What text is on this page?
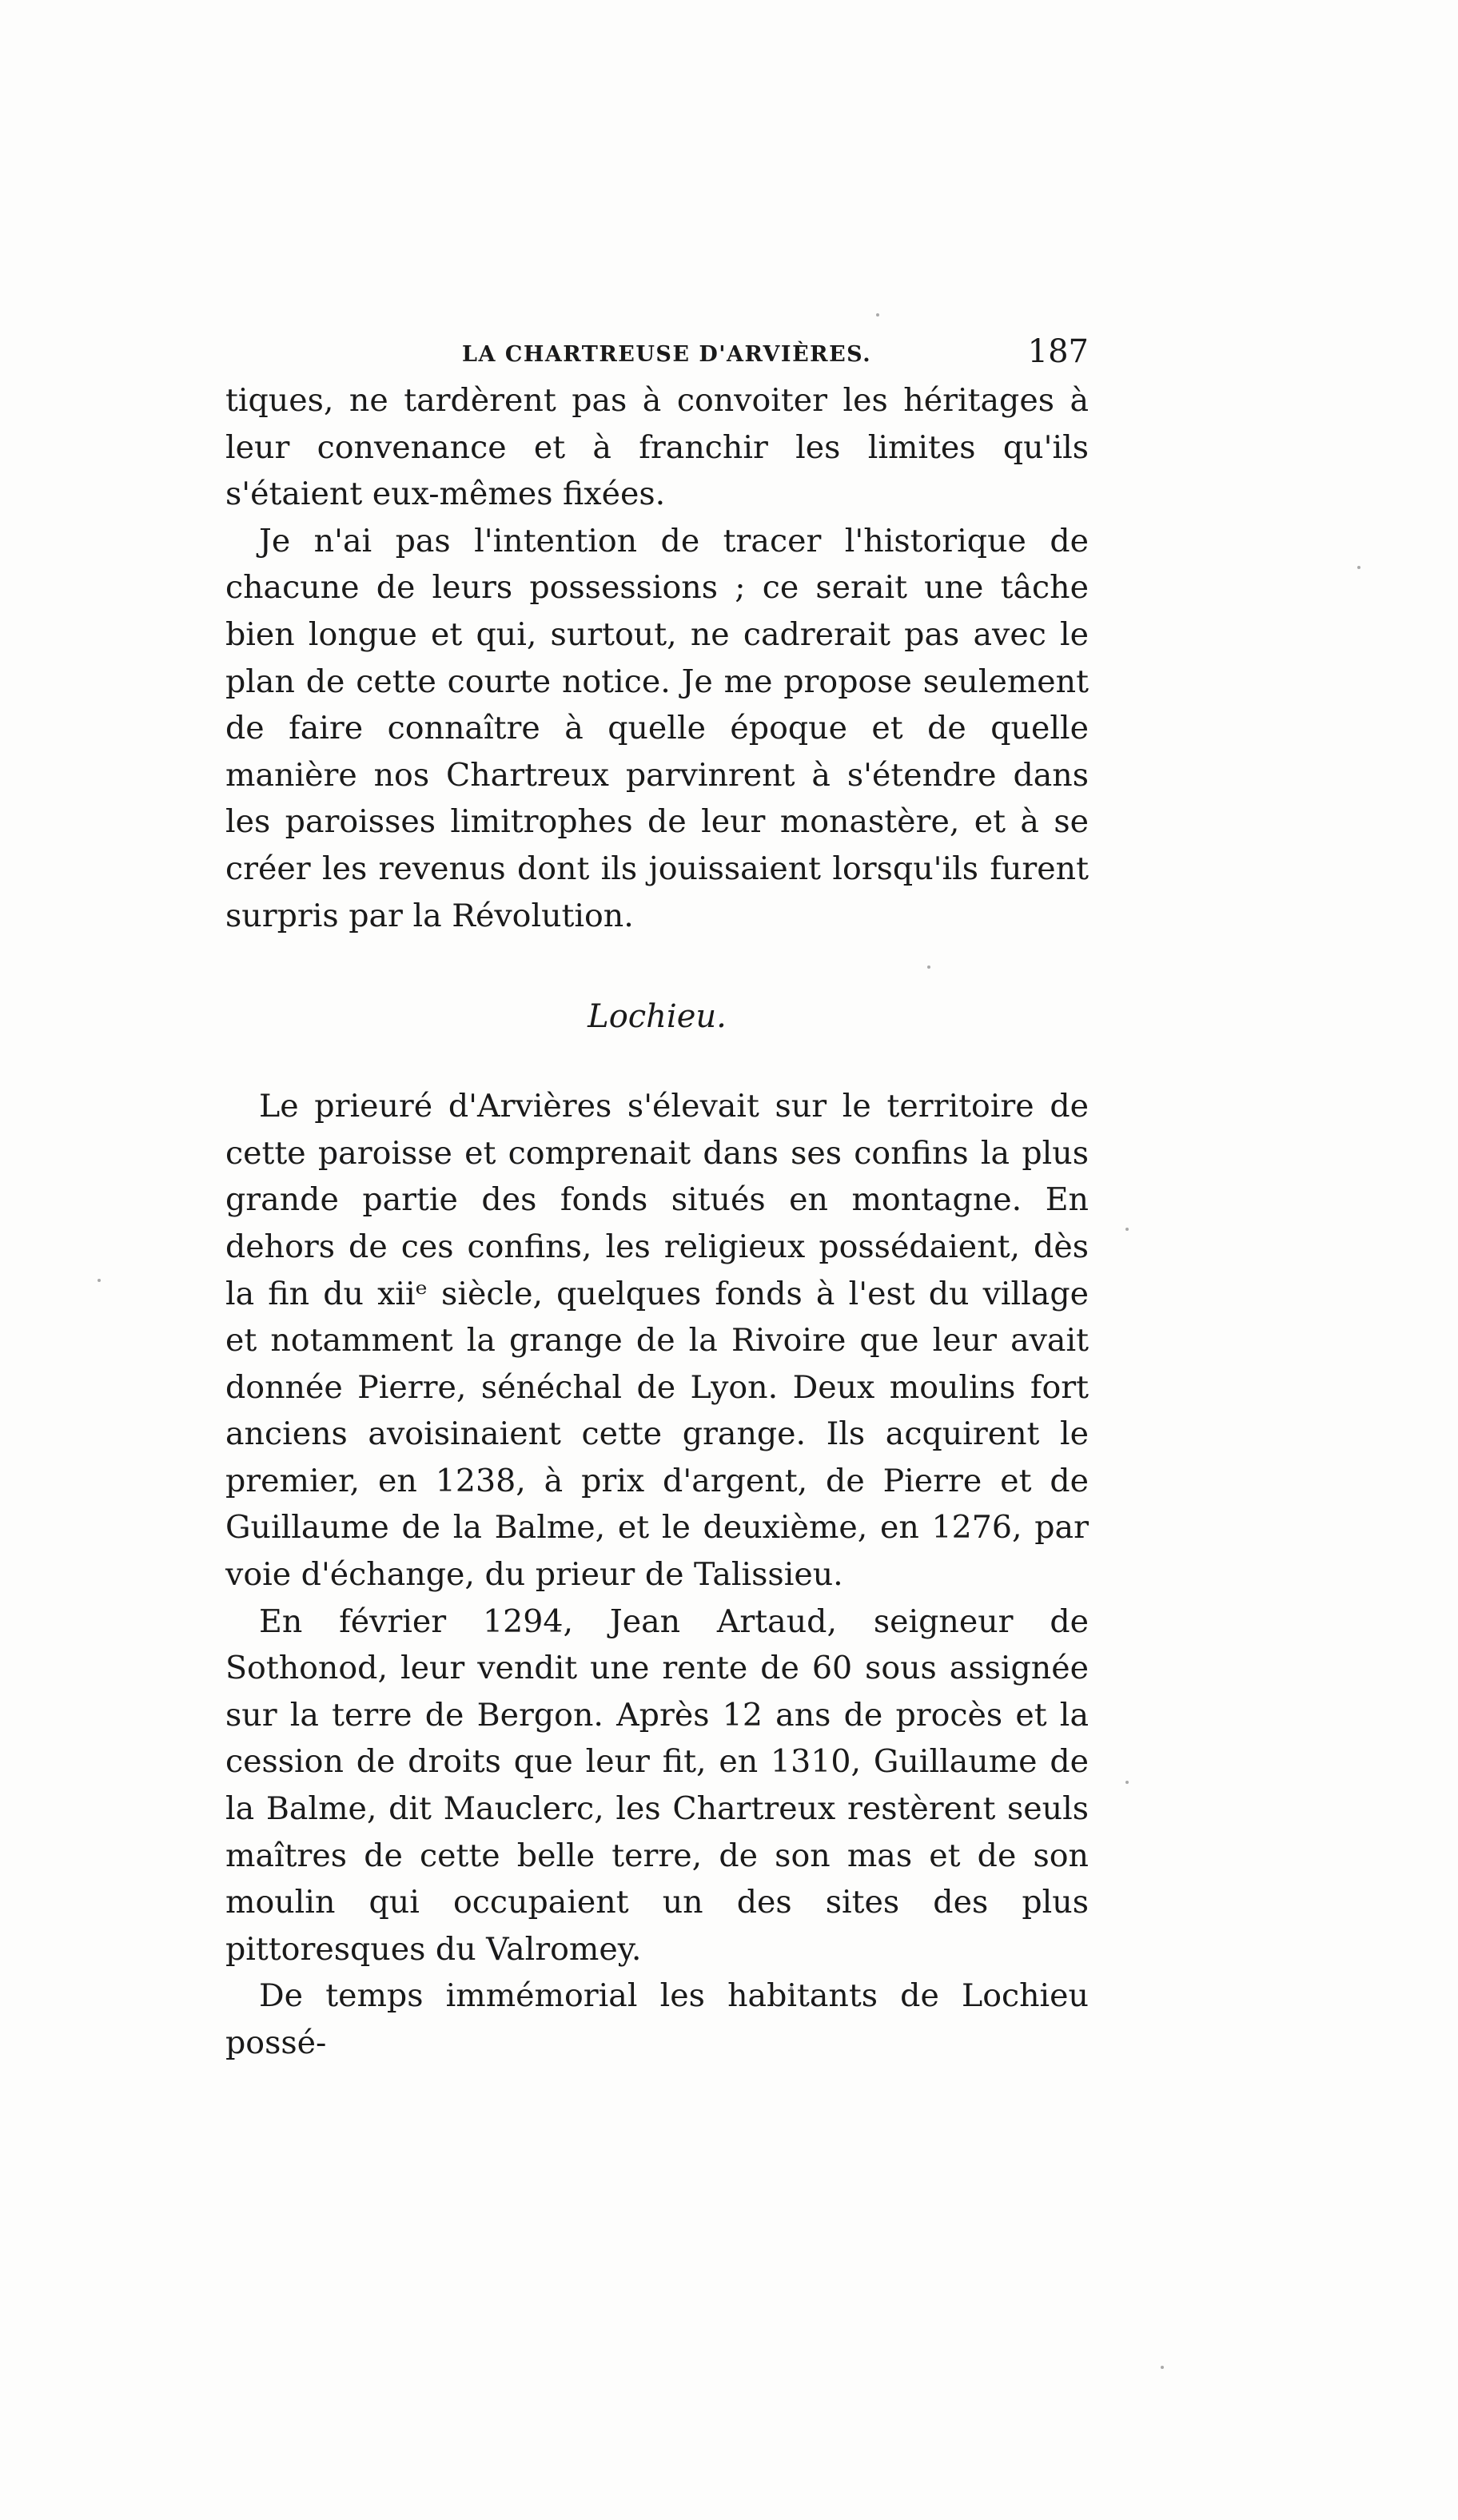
LA CHARTREUSE D'ARVIÈRES.	187

tiques, ne tardèrent pas à convoiter les héritages à leur convenance et à franchir les limites qu'ils s'étaient eux-mêmes fixées.

Je n'ai pas l'intention de tracer l'historique de chacune de leurs possessions ; ce serait une tâche bien longue et qui, surtout, ne cadrerait pas avec le plan de cette courte notice. Je me propose seulement de faire connaître à quelle époque et de quelle manière nos Chartreux parvinrent à s'étendre dans les paroisses limitrophes de leur monastère, et à se créer les revenus dont ils jouissaient lorsqu'ils furent surpris par la Révolution.

Lochieu.

Le prieuré d'Arvières s'élevait sur le territoire de cette paroisse et comprenait dans ses confins la plus grande partie des fonds situés en montagne. En dehors de ces confins, les religieux possédaient, dès la fin du xiiᵉ siècle, quelques fonds à l'est du village et notamment la grange de la Rivoire que leur avait donnée Pierre, sénéchal de Lyon. Deux moulins fort anciens avoisinaient cette grange. Ils acquirent le premier, en 1238, à prix d'argent, de Pierre et de Guillaume de la Balme, et le deuxième, en 1276, par voie d'échange, du prieur de Talissieu.

En février 1294, Jean Artaud, seigneur de Sothonod, leur vendit une rente de 60 sous assignée sur la terre de Bergon. Après 12 ans de procès et la cession de droits que leur fit, en 1310, Guillaume de la Balme, dit Mauclerc, les Chartreux restèrent seuls maîtres de cette belle terre, de son mas et de son moulin qui occupaient un des sites des plus pittoresques du Valromey.

De temps immémorial les habitants de Lochieu possé-
